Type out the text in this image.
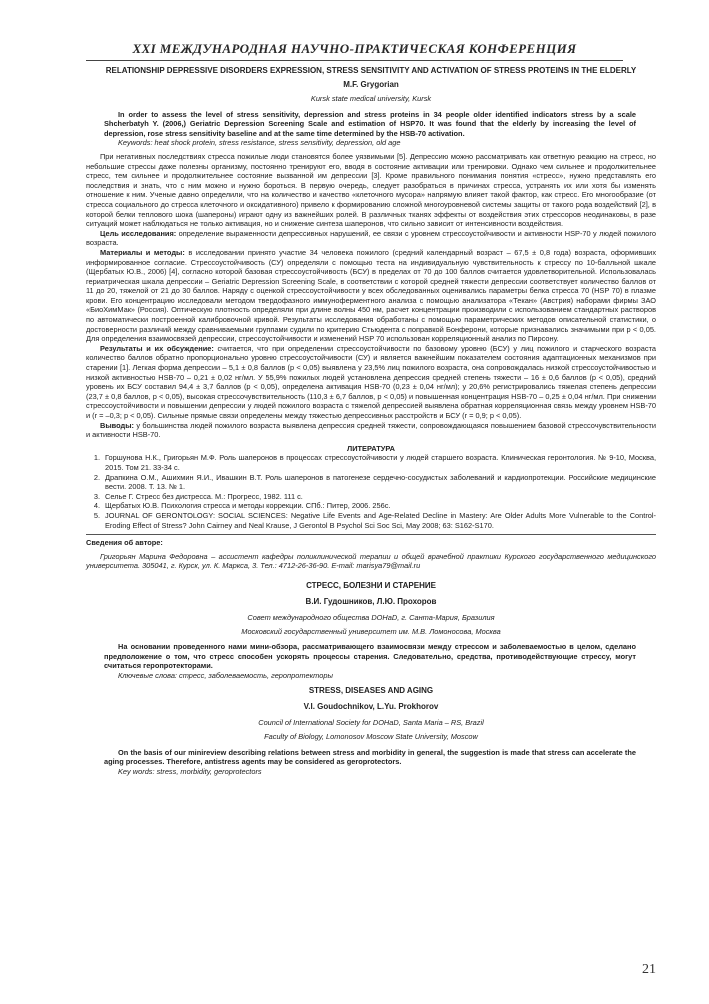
XXI МЕЖДУНАРОДНАЯ НАУЧНО-ПРАКТИЧЕСКАЯ КОНФЕРЕНЦИЯ
RELATIONSHIP DEPRESSIVE DISORDERS EXPRESSION, STRESS SENSITIVITY AND ACTIVATION OF STRESS PROTEINS IN THE ELDERLY
M.F. Grygorian
Kursk state medical university, Kursk

In order to assess the level of stress sensitivity, depression and stress proteins in 34 people older identified indicators stress by a scale Shcherbatyh Y. (2006,) Geriatric Depression Screening Scale and estimation of HSP70. It was found that the elderly by increasing the level of depression, rose stress sensitivity baseline and at the same time determined by the HSB-70 activation.

Keywords: heat shock protein, stress resistance, stress sensitivity, depression, old age

При негативных последствиях стресса пожилые люди становятся более уязвимыми [5]. Депрессию можно рассматривать как ответную реакцию на стресс, но небольшие стрессы даже полезны организму, постоянно тренируют его, вводя в состояние активации или тренировки. Однако чем сильнее и продолжительнее стресс, тем сильнее и продолжительнее состояние вызванной им депрессии [3]. Кроме правильного понимания понятия «стресс», нужно представлять его последствия и знать, что с ним можно и нужно бороться. В первую очередь, следует разобраться в причинах стресса, устранять их или хотя бы изменять отношение к ним. Ученые давно определили, что на количество и качество «клеточного мусора» напрямую влияет такой фактор, как стресс. Его многообразие (от стресса социального до стресса клеточного и оксидативного) привело к формированию сложной многоуровневой системы защиты от такого рода воздействий [2], в которой белки теплового шока (шапероны) играют одну из важнейших ролей. В различных тканях эффекты от воздействия этих стрессоров неодинаковы, в разе ситуаций может наблюдаться не только активация, но и снижение синтеза шаперонов, что сильно зависит от интенсивности воздействия.

Цель исследования: определение выраженности депрессивных нарушений, ее связи с уровнем стрессоустойчивости и активности HSP-70 у людей пожилого возраста.

Материалы и методы: в исследовании принято участие 34 человека пожилого (средний календарный возраст – 67,5 ± 0,8 года) возраста, оформивших информированное согласие. Стрессоустойчивость (СУ) определяли с помощью теста на индивидуальную чувствительность к стрессу по 10-балльной шкале (Щербатых Ю.В., 2006) [4], согласно которой базовая стрессоустойчивость (БСУ) в пределах от 70 до 100 баллов считается удовлетворительной. Использовалась гериатрическая шкала депрессии – Geriatric Depression Screening Scale, в соответствии с которой средней тяжести депрессии соответствует количество баллов от 11 до 20, тяжелой от 21 до 30 баллов. Наряду с оценкой стрессоустойчивости у всех обследованных оценивались параметры белка стресса 70 (HSP 70) в плазме крови. Его концентрацию исследовали методом твердофазного иммуноферментного анализа с помощью анализатора «Текан» (Австрия) наборами фирмы ЗАО «БиоХимМак» (Россия). Оптическую плотность определяли при длине волны 450 нм, расчет концентрации производили с использованием стандартных растворов по автоматически построенной калибровочной кривой. Результаты исследования обработаны с помощью параметрических методов описательной статистики, о достоверности различий между сравниваемыми группами судили по критерию Стьюдента с поправкой Бонферони, которые признавались значимыми при p < 0,05. Для определения взаимосвязей депрессии, стрессоустойчивости и изменений HSP 70 использован корреляционный анализ по Пирсону.

Результаты и их обсуждение: считается, что при определении стрессоустойчивости по базовому уровню (БСУ) у лиц пожилого и старческого возраста количество баллов обратно пропорционально уровню стрессоустойчивости (СУ) и является важнейшим показателем состояния адаптационных механизмов при старении [1]. Легкая форма депрессии – 5,1 ± 0,8 баллов (p < 0,05) выявлена у 23,5% лиц пожилого возраста, она сопровождалась низкой стрессоустойчивостью и низкой активностью HSB-70 – 0,21 ± 0,02 нг/мл. У 55,9% пожилых людей установлена депрессия средней степень тяжести – 16 ± 0,6 баллов (p < 0,05), средний уровень их БСУ составил 94,4 ± 3,7 баллов (p < 0,05), определена активация HSB-70 (0,23 ± 0,04 нг/мл); у 20,6% регистрировались тяжелая степень депрессии (23,7 ± 0,8 баллов, p < 0,05), высокая стрессочувствительность (110,3 ± 6,7 баллов, p < 0,05) и повышенная концентрация HSB-70 – 0,25 ± 0,04 нг/мл. При снижении стрессоустойчивости и повышении депрессии у людей пожилого возраста с тяжелой депрессией выявлена обратная корреляционная связь между уровнем HSB-70 и (r = –0,3; p < 0,05). Сильные прямые связи определены между тяжестью депрессивных расстройств и БСУ (r = 0,9; p < 0,05).

Выводы: у большинства людей пожилого возраста выявлена депрессия средней тяжести, сопровождающаяся повышением базовой стрессочувствительности и активности HSB-70.

ЛИТЕРАТУРА
1. Горшунова Н.К., Григорьян М.Ф. Роль шаперонов в процессах стрессоустойчивости у людей старшего возраста. Клиническая геронтология. № 9-10, Москва, 2015. Том 21. 33-34 с.
2. Драпкина О.М., Ашихмин Я.И., Ивашкин В.Т. Роль шаперонов в патогенезе сердечно-сосудистых заболеваний и кардиопротекции. Российские медицинские вести. 2008. Т. 13. № 1.
3. Селье Г. Стресс без дистресса. М.: Прогресс, 1982. 111 с.
4. Щербатых Ю.В. Психология стресса и методы коррекции. СПб.: Питер, 2006. 256с.
5. JOURNAL OF GERONTOLOGY: SOCIAL SCIENCES: Negative Life Events and Age-Related Decline in Mastery: Are Older Adults More Vulnerable to the Control-Eroding Effect of Stress? John Cairney and Neal Krause, J Gerontol B Psychol Sci Soc Sci, May 2008; 63: S162-S170.
Сведения об авторе:

Григорьян Марина Федоровна – ассистент кафедры поликлинической терапии и общей врачебной практики Курского государственного медицинского университета. 305041, г. Курск, ул. К. Маркса, 3. Тел.: 4712-26-36-90. E-mail: marisya79@mail.ru

СТРЕСС, БОЛЕЗНИ И СТАРЕНИЕ
В.И. Гудошников, Л.Ю. Прохоров
Совет международного общества DOHaD, г. Санта-Мария, Бразилия
Московский государственный университет им. М.В. Ломоносова, Москва

На основании проведенного нами мини-обзора, рассматривающего взаимосвязи между стрессом и заболеваемостью в целом, сделано предположение о том, что стресс способен ускорять процессы старения. Следовательно, средства, противодействующие стрессу, могут считаться геропротекторами.

Ключевые слова: стресс, заболеваемость, геропротекторы

STRESS, DISEASES AND AGING
V.I. Goudochnikov, L.Yu. Prokhorov
Council of International Society for DOHaD, Santa Maria – RS, Brazil
Faculty of Biology, Lomonosov Moscow State University, Moscow

On the basis of our minireview describing relations between stress and morbidity in general, the suggestion is made that stress can accelerate the aging processes. Therefore, antistress agents may be considered as geroprotectors.

Key words: stress, morbidity, geroprotectors

21
